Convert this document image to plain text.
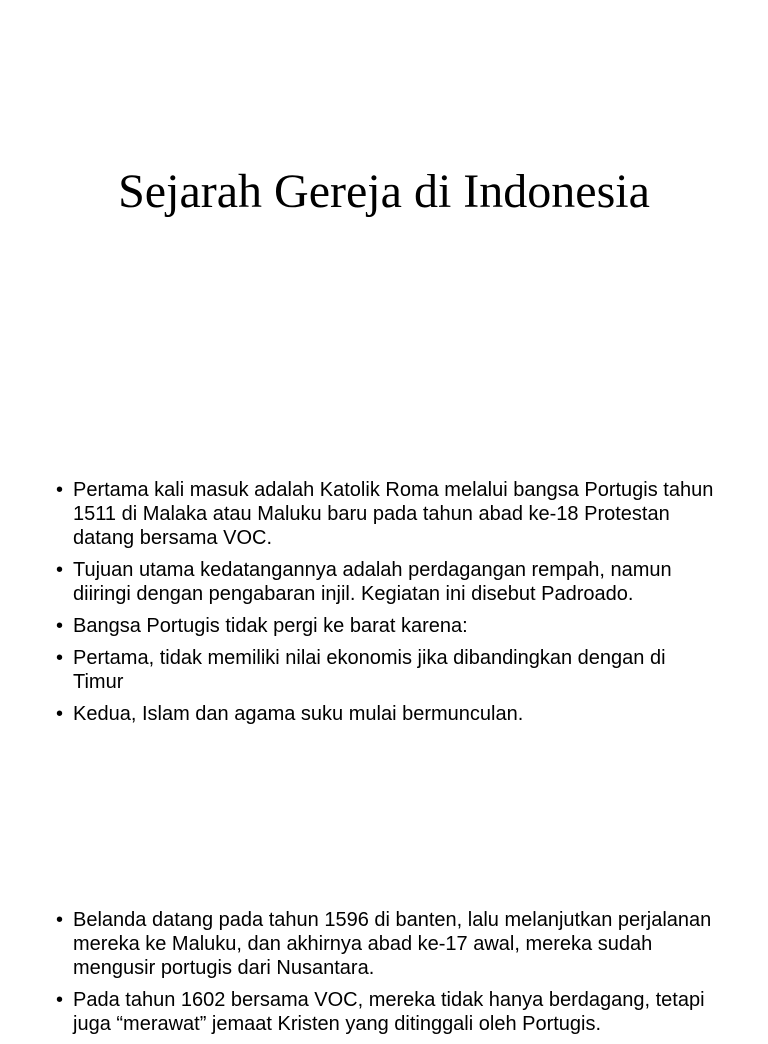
Sejarah Gereja di Indonesia
• Pertama kali masuk adalah Katolik Roma melalui bangsa Portugis tahun 1511 di Malaka atau Maluku baru pada tahun abad ke-18 Protestan datang bersama VOC.
• Tujuan utama kedatangannya adalah perdagangan rempah, namun diiringi dengan pengabaran injil. Kegiatan ini disebut Padroado.
• Bangsa Portugis tidak pergi ke barat karena:
• Pertama, tidak memiliki nilai ekonomis jika dibandingkan dengan di Timur
• Kedua, Islam dan agama suku mulai bermunculan.
• Belanda datang pada tahun 1596 di banten, lalu melanjutkan perjalanan mereka ke Maluku, dan akhirnya abad ke-17 awal, mereka sudah mengusir portugis dari Nusantara.
• Pada tahun 1602 bersama VOC, mereka tidak hanya berdagang, tetapi juga “merawat” jemaat Kristen yang ditinggali oleh Portugis.
